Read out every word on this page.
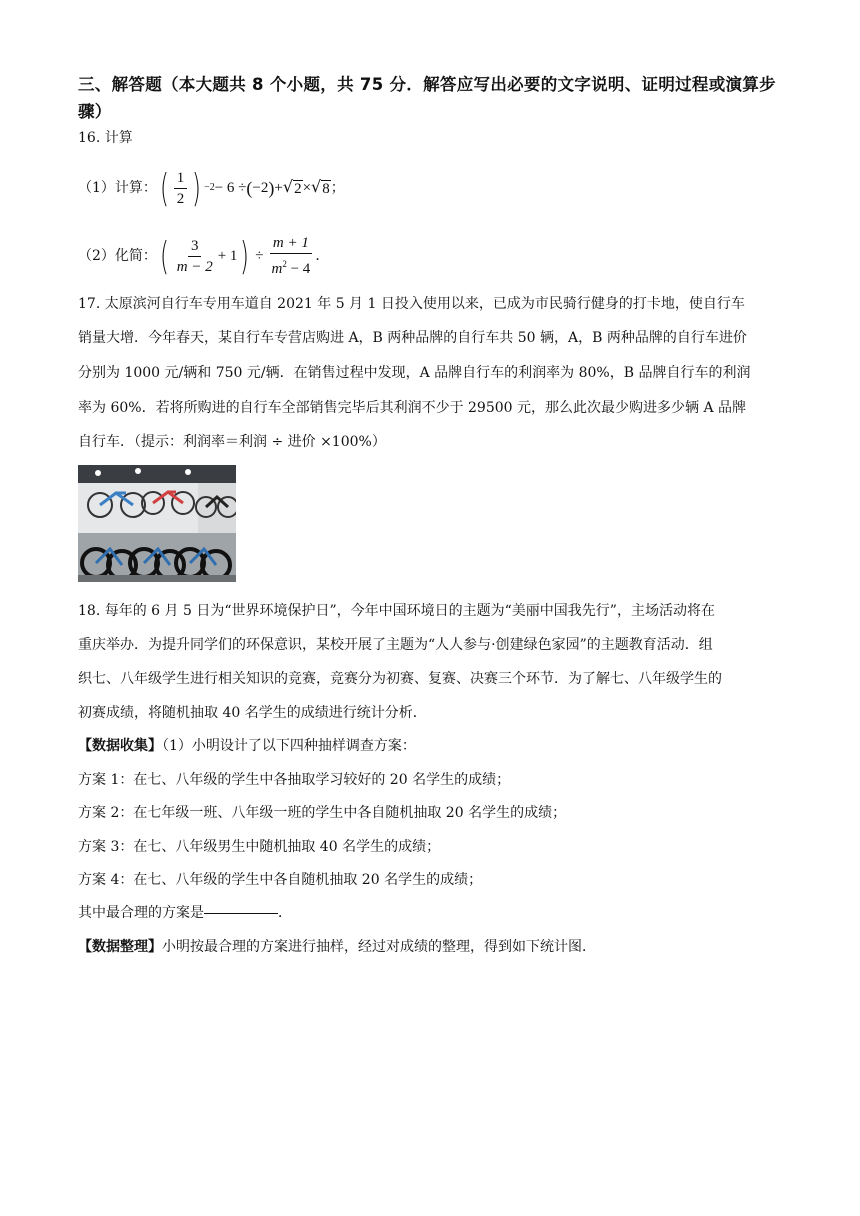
三、解答题（本大题共 8 个小题，共 75 分．解答应写出必要的文字说明、证明过程或演算步
骤）
16. 计算
（1）计算： ( $\frac{1}{2}$ ) −2 − 6 ÷ ( −2 ) + √ 2 × √ 8 ；
（2）化简： ( $\frac{3}{m - 2} + 1$ ) ÷ $\frac{m + 1}{m^2 - 4}$ ．
17. 太原滨河自行车专用车道自 2021 年 5 月 1 日投入使用以来，已成为市民骑行健身的打卡地，使自行车
销量大增．今年春天，某自行车专营店购进 A，B 两种品牌的自行车共 50 辆，A，B 两种品牌的自行车进价
分别为 1000 元/辆和 750 元/辆．在销售过程中发现，A 品牌自行车的利润率为 80%，B 品牌自行车的利润
率为 60%．若将所购进的自行车全部销售完毕后其利润不少于 29500 元，那么此次最少购进多少辆 A 品牌
自行车．（提示：利润率＝利润 ÷ 进价 ×100%）
18. 每年的 6 月 5 日为“世界环境保护日”，今年中国环境日的主题为“美丽中国我先行”，主场活动将在
重庆举办．为提升同学们的环保意识，某校开展了主题为“人人参与·创建绿色家园”的主题教育活动．组
织七、八年级学生进行相关知识的竞赛，竞赛分为初赛、复赛、决赛三个环节．为了解七、八年级学生的
初赛成绩，将随机抽取 40 名学生的成绩进行统计分析．
【数据收集】（1）小明设计了以下四种抽样调查方案：
方案 1：在七、八年级的学生中各抽取学习较好的 20 名学生的成绩；
方案 2：在七年级一班、八年级一班的学生中各自随机抽取 20 名学生的成绩；
方案 3：在七、八年级男生中随机抽取 40 名学生的成绩；
方案 4：在七、八年级的学生中各自随机抽取 20 名学生的成绩；
其中最合理的方案是	．
【数据整理】小明按最合理的方案进行抽样，经过对成绩的整理，得到如下统计图．
